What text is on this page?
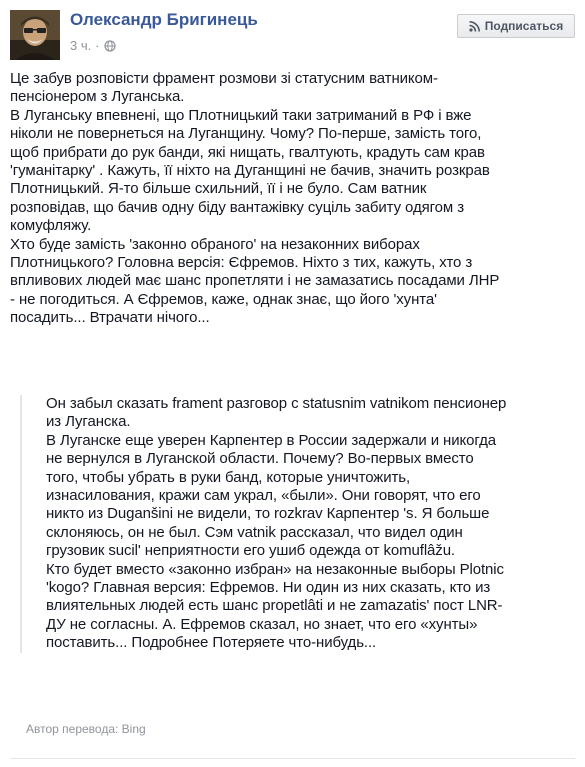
Олександр Бригинець
3 ч. ·
Подписаться
Це забув розповісти фрамент розмови зі статусним ватником-
пенсіонером з Луганська.
В Луганську впевнені, що Плотницький таки затриманий в РФ і вже
ніколи не повернеться на Луганщину. Чому? По-перше, замість того,
щоб прибрати до рук банди, які нищать, гвалтують, крадуть сам крав
'гуманітарку' . Кажуть, її ніхто на Дуганщині не бачив, значить розкрав
Плотницький. Я-то більше схильний, її і не було. Сам ватник
розповідав, що бачив одну біду вантажівку суціль забиту одягом з
комуфляжу.
Хто буде замість 'законно обраного' на незаконних виборах
Плотницького? Головна версія: Єфремов. Ніхто з тих, кажуть, хто з
впливових людей має шанс пропетляти і не замазатись посадами ЛНР
- не погодиться. А Єфремов, каже, однак знає, що його 'хунта'
посадить... Втрачати нічого...
Он забыл сказать frament разговор с statusnim vatnikom пенсионер
из Луганска.
В Луганске еще уверен Карпентер в России задержали и никогда
не вернулся в Луганской области. Почему? Во-первых вместо
того, чтобы убрать в руки банд, которые уничтожить,
изнасилования, кражи сам украл, «были». Они говорят, что его
никто из Duganšini не видели, то rozkrav Карпентер 's. Я больше
склоняюсь, он не был. Сэм vatnik рассказал, что видел один
грузовик sucil' неприятности его ушиб одежда от komuflâžu.
Кто будет вместо «законно избран» на незаконные выборы Plotnic
'kogo? Главная версия: Ефремов. Ни один из них сказать, кто из
влиятельных людей есть шанс propetlâti и не zamazatis' пост LNR-
ДУ не согласны. А. Ефремов сказал, но знает, что его «хунты»
поставить... Подробнее Потеряете что-нибудь...
Автор перевода: Bing
